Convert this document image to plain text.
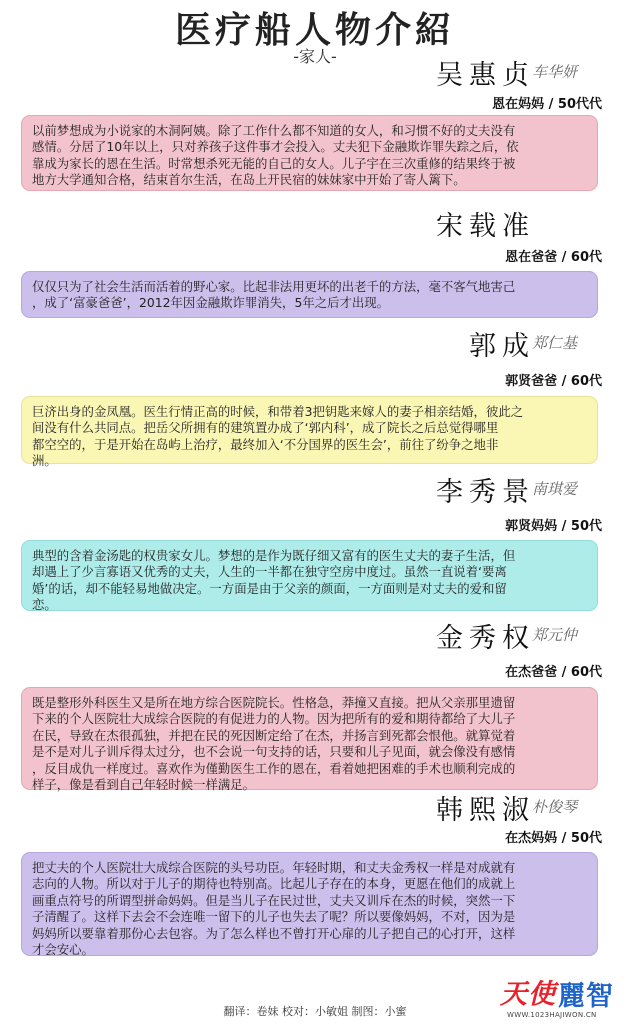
医疗船人物介紹
-家人-
吴惠贞
车华妍
恩在妈妈 / 50代代
以前梦想成为小说家的木洞阿姨。除了工作什么都不知道的女人，和习惯不好的丈夫没有
感情。分居了10年以上，只对养孩子这件事才会投入。丈夫犯下金融欺诈罪失踪之后，依
靠成为家长的恩在生活。时常想杀死无能的自己的女人。儿子宇在三次重修的结果终于被
地方大学通知合格，结束首尔生活，在岛上开民宿的妹妹家中开始了寄人篱下。
宋载准
恩在爸爸 / 60代
仅仅只为了社会生活而活着的野心家。比起非法用更坏的出老千的方法，毫不客气地害己
，成了‘富豪爸爸’，2012年因金融欺诈罪消失，5年之后才出现。
郭成
郑仁基
郭贤爸爸 / 60代
巨济出身的金凤凰。医生行情正高的时候，和带着3把钥匙来嫁人的妻子相亲结婚，彼此之
间没有什么共同点。把岳父所拥有的建筑置办成了‘郭内科’，成了院长之后总觉得哪里
都空空的，于是开始在岛屿上治疗，最终加入‘不分国界的医生会’，前往了纷争之地非
洲。
李秀景
南琪爱
郭贤妈妈 / 50代
典型的含着金汤匙的权贵家女儿。梦想的是作为既仔细又富有的医生丈夫的妻子生活，但
却遇上了少言寡语又优秀的丈夫，人生的一半都在独守空房中度过。虽然一直说着‘要离
婚’的话，却不能轻易地做决定。一方面是由于父亲的颜面，一方面则是对丈夫的爱和留
恋。
金秀权
郑元仲
在杰爸爸 / 60代
既是整形外科医生又是所在地方综合医院院长。性格急，莽撞又直接。把从父亲那里遗留
下来的个人医院壮大成综合医院的有促进力的人物。因为把所有的爱和期待都给了大儿子
在民，导致在杰很孤独，并把在民的死因断定给了在杰，并扬言到死都会恨他。就算觉着
是不是对儿子训斥得太过分，也不会说一句支持的话，只要和儿子见面，就会像没有感情
，反目成仇一样度过。喜欢作为僅勤医生工作的恩在，看着她把困难的手术也顺利完成的
样子，像是看到自己年轻时候一样满足。
韩熙淑
朴俊琴
在杰妈妈 / 50代
把丈夫的个人医院壮大成综合医院的头号功臣。年轻时期，和丈夫金秀权一样是对成就有
志向的人物。所以对于儿子的期待也特别高。比起儿子存在的本身，更愿在他们的成就上
画重点符号的所谓型拼命妈妈。但是当儿子在民过世，丈夫又训斥在杰的时候，突然一下
子清醒了。这样下去会不会连唯一留下的儿子也失去了呢？所以要像妈妈，不对，因为是
妈妈所以要靠着那份心去包容。为了怎么样也不曾打开心扉的儿子把自己的心打开，这样
才会安心。
翻译：卷妹 校对：小敏姐 制图：小蜜
天 使 麗 智
WWW.1023HAJIWON.CN
